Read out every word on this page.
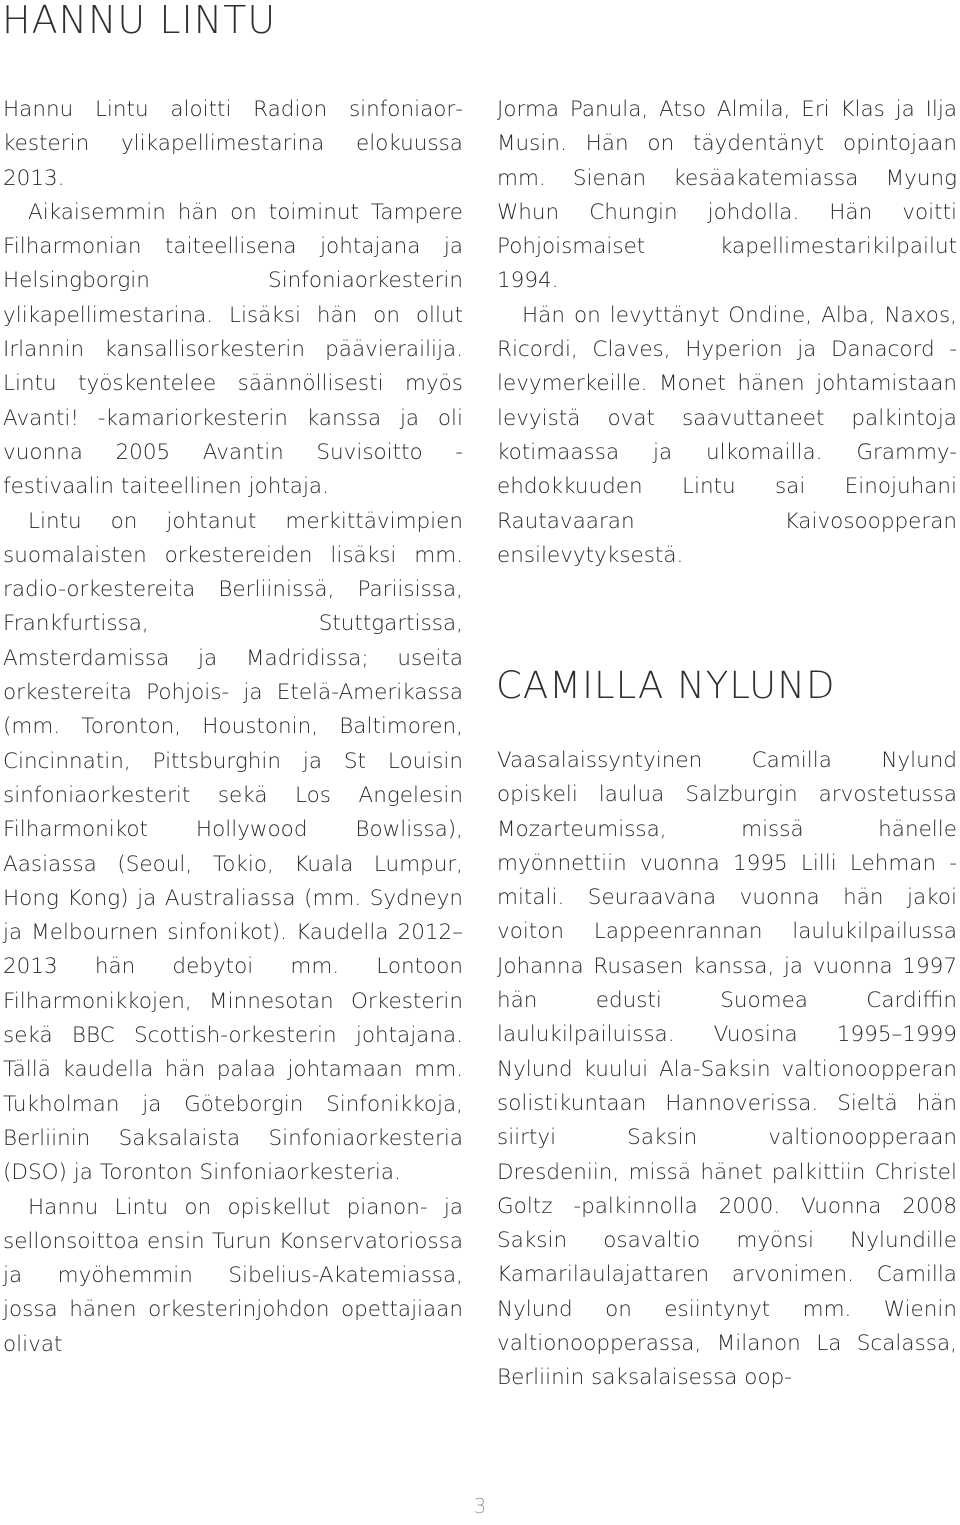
HANNU LINTU

Hannu Lintu aloitti Radion sinfoniaorkesterin ylikapellimestarina elokuussa 2013.

Aikaisemmin hän on toiminut Tampere Filharmonian taiteellisena johtajana ja Helsingborgin Sinfoniaorkesterin ylikapellimestarina. Lisäksi hän on ollut Irlannin kansallisorkesterin päävierailija. Lintu työskentelee säännöllisesti myös Avanti! -kamariorkesterin kanssa ja oli vuonna 2005 Avantin Suvisoitto -festivaalin taiteellinen johtaja.

Lintu on johtanut merkittävimpien suomalaisten orkestereiden lisäksi mm. radio-orkestereita Berliinissä, Pariisissa, Frankfurtissa, Stuttgartissa, Amsterdamissa ja Madridissa; useita orkestereita Pohjois- ja Etelä-Amerikassa (mm. Toronton, Houstonin, Baltimoren, Cincinnatin, Pittsburghin ja St Louisin sinfoniaorkesterit sekä Los Angelesin Filharmonikot Hollywood Bowlissa), Aasiassa (Seoul, Tokio, Kuala Lumpur, Hong Kong) ja Australiassa (mm. Sydneyn ja Melbournen sinfonikot). Kaudella 2012–2013 hän debytoi mm. Lontoon Filharmonikkojen, Minnesotan Orkesterin sekä BBC Scottish-orkesterin johtajana. Tällä kaudella hän palaa johtamaan mm. Tukholman ja Göteborgin Sinfonikkoja, Berliinin Saksalaista Sinfoniaorkesteria (DSO) ja Toronton Sinfoniaorkesteria.

Hannu Lintu on opiskellut pianon- ja sellonsoittoa ensin Turun Konservatoriossa ja myöhemmin Sibelius-Akatemiassa, jossa hänen orkesterinjohdon opettajiaan olivat

Jorma Panula, Atso Almila, Eri Klas ja Ilja Musin. Hän on täydentänyt opintojaan mm. Sienan kesäakatemiassa Myung Whun Chungin johdolla. Hän voitti Pohjoismaiset kapellimestarikilpailut 1994.

Hän on levyttänyt Ondine, Alba, Naxos, Ricordi, Claves, Hyperion ja Danacord -levymerkeille. Monet hänen johtamistaan levyistä ovat saavuttaneet palkintoja kotimaassa ja ulkomailla. Grammy-ehdokkuuden Lintu sai Einojuhani Rautavaaran Kaivosoopperan ensilevytyksestä.

CAMILLA NYLUND

Vaasalaissyntyinen Camilla Nylund opiskeli laulua Salzburgin arvostetussa Mozarteumissa, missä hänelle myönnettiin vuonna 1995 Lilli Lehman -mitali. Seuraavana vuonna hän jakoi voiton Lappeenrannan laulukilpailussa Johanna Rusasen kanssa, ja vuonna 1997 hän edusti Suomea Cardiffin laulukilpailuissa. Vuosina 1995–1999 Nylund kuului Ala-Saksin valtionoopperan solistikuntaan Hannoverissa. Sieltä hän siirtyi Saksin valtionoopperaan Dresdeniin, missä hänet palkittiin Christel Goltz -palkinnolla 2000. Vuonna 2008 Saksin osavaltio myönsi Nylundille Kamarilaulajattaren arvonimen. Camilla Nylund on esiintynyt mm. Wienin valtionoopperassa, Milanon La Scalassa, Berliinin saksalaisessa oop-

3
